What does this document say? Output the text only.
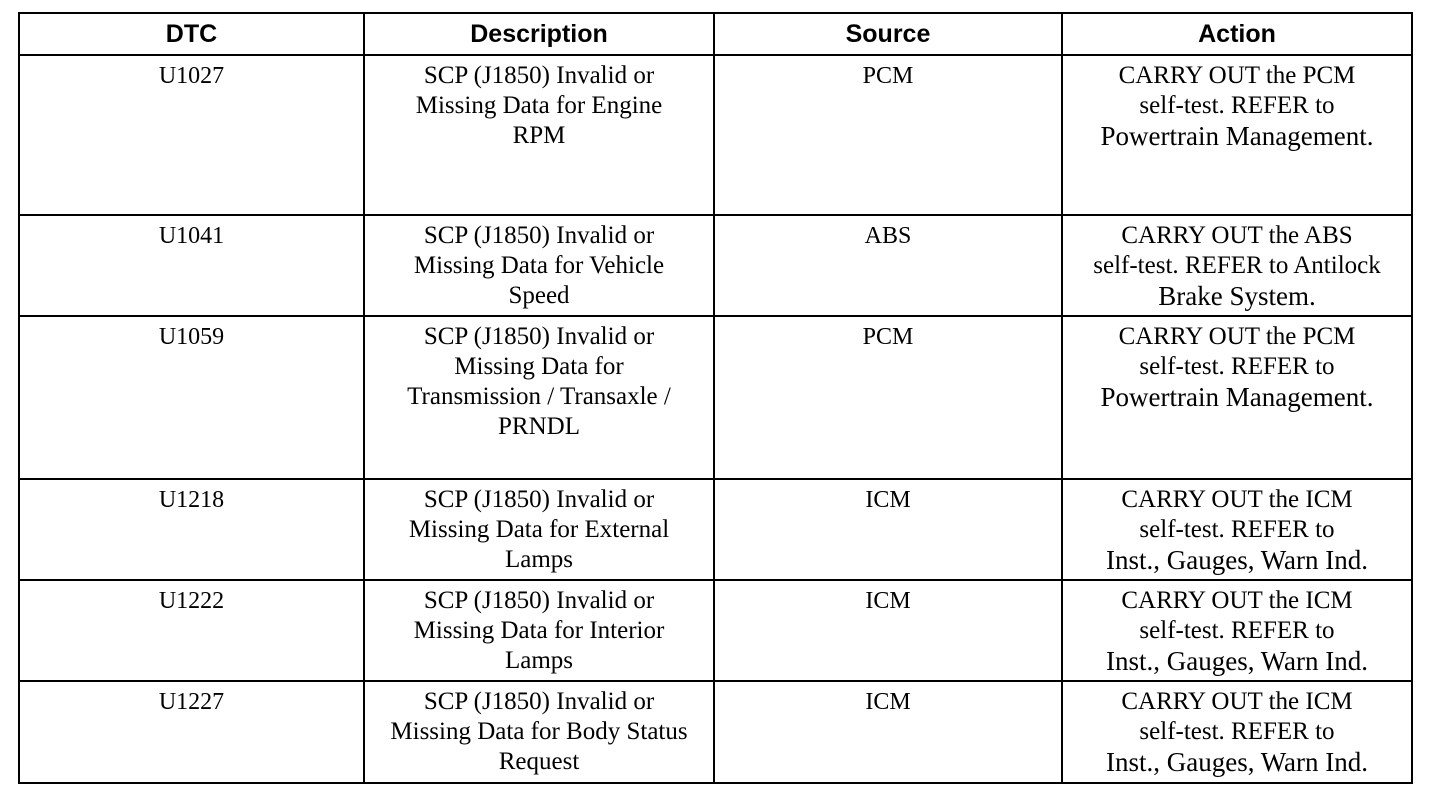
DTC	Description	Source	Action
U1027	SCP (J1850) Invalid or
Missing Data for Engine
RPM	PCM	CARRY OUT the PCM
self-test. REFER to
Powertrain Management.

U1041	SCP (J1850) Invalid or
Missing Data for Vehicle
Speed	ABS	CARRY OUT the ABS
self-test. REFER to Antilock
Brake System.

U1059	SCP (J1850) Invalid or
Missing Data for
Transmission / Transaxle /
PRNDL	PCM	CARRY OUT the PCM
self-test. REFER to
Powertrain Management.

U1218	SCP (J1850) Invalid or
Missing Data for External
Lamps	ICM	CARRY OUT the ICM
self-test. REFER to
Inst., Gauges, Warn Ind.

U1222	SCP (J1850) Invalid or
Missing Data for Interior
Lamps	ICM	CARRY OUT the ICM
self-test. REFER to
Inst., Gauges, Warn Ind.

U1227	SCP (J1850) Invalid or
Missing Data for Body Status
Request	ICM	CARRY OUT the ICM
self-test. REFER to
Inst., Gauges, Warn Ind.
